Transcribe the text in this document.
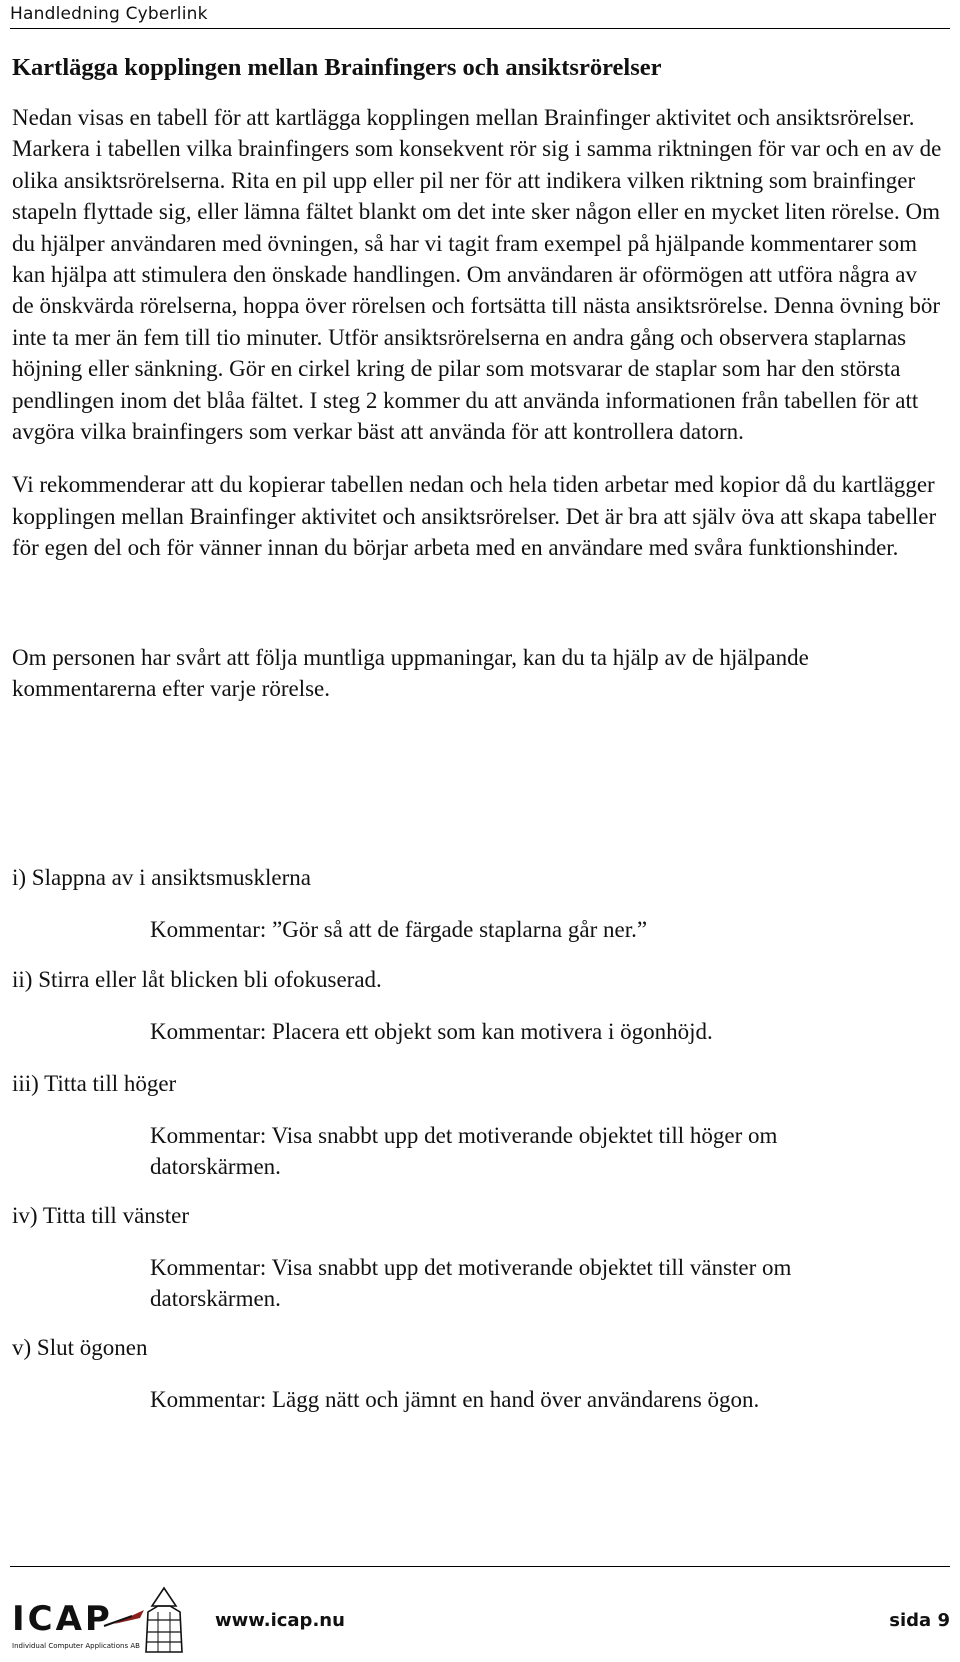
Handledning Cyberlink
Kartlägga kopplingen mellan Brainfingers och ansiktsrörelser

Nedan visas en tabell för att kartlägga kopplingen mellan Brainfinger aktivitet och ansiktsrörelser. Markera i tabellen vilka brainfingers som konsekvent rör sig i samma riktningen för var och en av de olika ansiktsrörelserna. Rita en pil upp eller pil ner för att indikera vilken riktning som brainfinger stapeln flyttade sig, eller lämna fältet blankt om det inte sker någon eller en mycket liten rörelse. Om du hjälper användaren med övningen, så har vi tagit fram exempel på hjälpande kommentarer som kan hjälpa att stimulera den önskade handlingen. Om användaren är oförmögen att utföra några av de önskvärda rörelserna, hoppa över rörelsen och fortsätta till nästa ansiktsrörelse. Denna övning bör inte ta mer än fem till tio minuter. Utför ansiktsrörelserna en andra gång och observera staplarnas höjning eller sänkning. Gör en cirkel kring de pilar som motsvarar de staplar som har den största pendlingen inom det blåa fältet. I steg 2 kommer du att använda informationen från tabellen för att avgöra vilka brainfingers som verkar bäst att använda för att kontrollera datorn.

Vi rekommenderar att du kopierar tabellen nedan och hela tiden arbetar med kopior då du kartlägger kopplingen mellan Brainfinger aktivitet och ansiktsrörelser. Det är bra att själv öva att skapa tabeller för egen del och för vänner innan du börjar arbeta med en användare med svåra funktionshinder.

Om personen har svårt att följa muntliga uppmaningar, kan du ta hjälp av de hjälpande kommentarerna efter varje rörelse.

i) Slappna av i ansiktsmusklerna
Kommentar: ”Gör så att de färgade staplarna går ner.”
ii) Stirra eller låt blicken bli ofokuserad.
Kommentar: Placera ett objekt som kan motivera i ögonhöjd.
iii) Titta till höger
Kommentar: Visa snabbt upp det motiverande objektet till höger om datorskärmen.
iv) Titta till vänster
Kommentar: Visa snabbt upp det motiverande objektet till vänster om datorskärmen.
v) Slut ögonen
Kommentar: Lägg nätt och jämnt en hand över användarens ögon.
ICAP
Individual Computer Applications AB
www.icap.nu	sida 9
